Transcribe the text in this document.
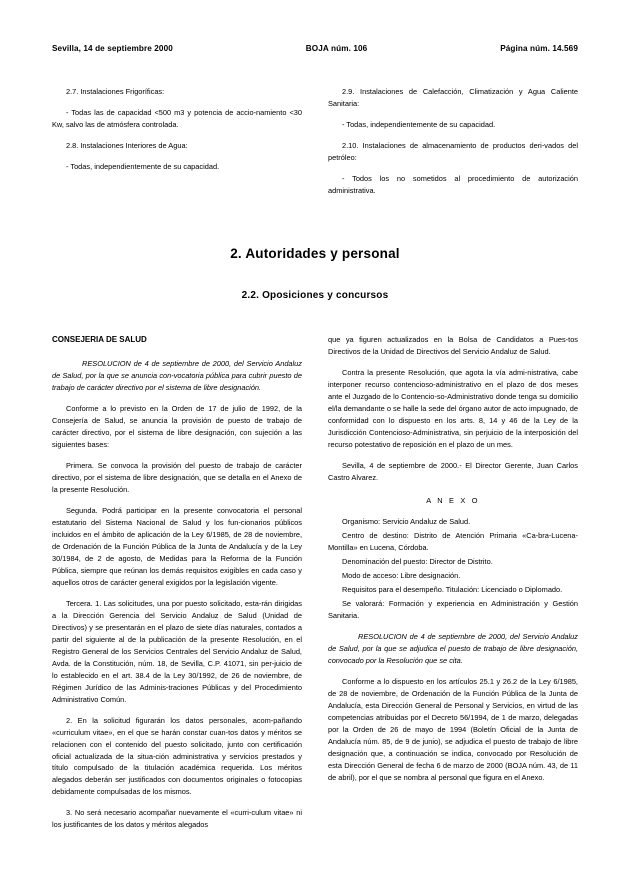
Sevilla, 14 de septiembre 2000	BOJA núm. 106	Página núm. 14.569

2.7. Instalaciones Frigoríficas:

- Todas las de capacidad <500 m3 y potencia de accio-namiento <30 Kw, salvo las de atmósfera controlada.

2.8. Instalaciones Interiores de Agua:

- Todas, independientemente de su capacidad.

2.9. Instalaciones de Calefacción, Climatización y Agua Caliente Sanitaria:

- Todas, independientemente de su capacidad.

2.10. Instalaciones de almacenamiento de productos deri-vados del petróleo:

- Todos los no sometidos al procedimiento de autorización administrativa.

2. Autoridades y personal
2.2. Oposiciones y concursos

CONSEJERIA DE SALUD

RESOLUCION de 4 de septiembre de 2000, del Servicio Andaluz de Salud, por la que se anuncia con-vocatoria pública para cubrir puesto de trabajo de carácter directivo por el sistema de libre designación.

Conforme a lo previsto en la Orden de 17 de julio de 1992, de la Consejería de Salud, se anuncia la provisión de puesto de trabajo de carácter directivo, por el sistema de libre designación, con sujeción a las siguientes bases:

Primera. Se convoca la provisión del puesto de trabajo de carácter directivo, por el sistema de libre designación, que se detalla en el Anexo de la presente Resolución.

Segunda. Podrá participar en la presente convocatoria el personal estatutario del Sistema Nacional de Salud y los fun-cionarios públicos incluidos en el ámbito de aplicación de la Ley 6/1985, de 28 de noviembre, de Ordenación de la Función Pública de la Junta de Andalucía y de la Ley 30/1984, de 2 de agosto, de Medidas para la Reforma de la Función Pública, siempre que reúnan los demás requisitos exigibles en cada caso y aquellos otros de carácter general exigidos por la legislación vigente.

Tercera. 1. Las solicitudes, una por puesto solicitado, esta-rán dirigidas a la Dirección Gerencia del Servicio Andaluz de Salud (Unidad de Directivos) y se presentarán en el plazo de siete días naturales, contados a partir del siguiente al de la publicación de la presente Resolución, en el Registro General de los Servicios Centrales del Servicio Andaluz de Salud, Avda. de la Constitución, núm. 18, de Sevilla, C.P. 41071, sin per-juicio de lo establecido en el art. 38.4 de la Ley 30/1992, de 26 de noviembre, de Régimen Jurídico de las Adminis-traciones Públicas y del Procedimiento Administrativo Común.

2. En la solicitud figurarán los datos personales, acom-pañando «curriculum vitae», en el que se harán constar cuan-tos datos y méritos se relacionen con el contenido del puesto solicitado, junto con certificación oficial actualizada de la situa-ción administrativa y servicios prestados y título compulsado de la titulación académica requerida. Los méritos alegados deberán ser justificados con documentos originales o fotocopias debidamente compulsadas de los mismos.

3. No será necesario acompañar nuevamente el «curri-culum vitae» ni los justificantes de los datos y méritos alegados

que ya figuren actualizados en la Bolsa de Candidatos a Pues-tos Directivos de la Unidad de Directivos del Servicio Andaluz de Salud.

Contra la presente Resolución, que agota la vía admi-nistrativa, cabe interponer recurso contencioso-administrativo en el plazo de dos meses ante el Juzgado de lo Contencio-so-Administrativo donde tenga su domicilio el/la demandante o se halle la sede del órgano autor de acto impugnado, de conformidad con lo dispuesto en los arts. 8, 14 y 46 de la Ley de la Jurisdicción Contencioso-Administrativa, sin perjuicio de la interposición del recurso potestativo de reposición en el plazo de un mes.

Sevilla, 4 de septiembre de 2000.- El Director Gerente, Juan Carlos Castro Alvarez.

A N E X O

Organismo: Servicio Andaluz de Salud.

Centro de destino: Distrito de Atención Primaria «Ca-bra-Lucena-Montilla» en Lucena, Córdoba.

Denominación del puesto: Director de Distrito.

Modo de acceso: Libre designación.

Requisitos para el desempeño. Titulación: Licenciado o Diplomado.

Se valorará: Formación y experiencia en Administración y Gestión Sanitaria.

RESOLUCION de 4 de septiembre de 2000, del Servicio Andaluz de Salud, por la que se adjudica el puesto de trabajo de libre designación, convocado por la Resolución que se cita.

Conforme a lo dispuesto en los artículos 25.1 y 26.2 de la Ley 6/1985, de 28 de noviembre, de Ordenación de la Función Pública de la Junta de Andalucía, esta Dirección General de Personal y Servicios, en virtud de las competencias atribuidas por el Decreto 56/1994, de 1 de marzo, delegadas por la Orden de 26 de mayo de 1994 (Boletín Oficial de la Junta de Andalucía núm. 85, de 9 de junio), se adjudica el puesto de trabajo de libre designación que, a continuación se indica, convocado por Resolución de esta Dirección General de fecha 6 de marzo de 2000 (BOJA núm. 43, de 11 de abril), por el que se nombra al personal que figura en el Anexo.
